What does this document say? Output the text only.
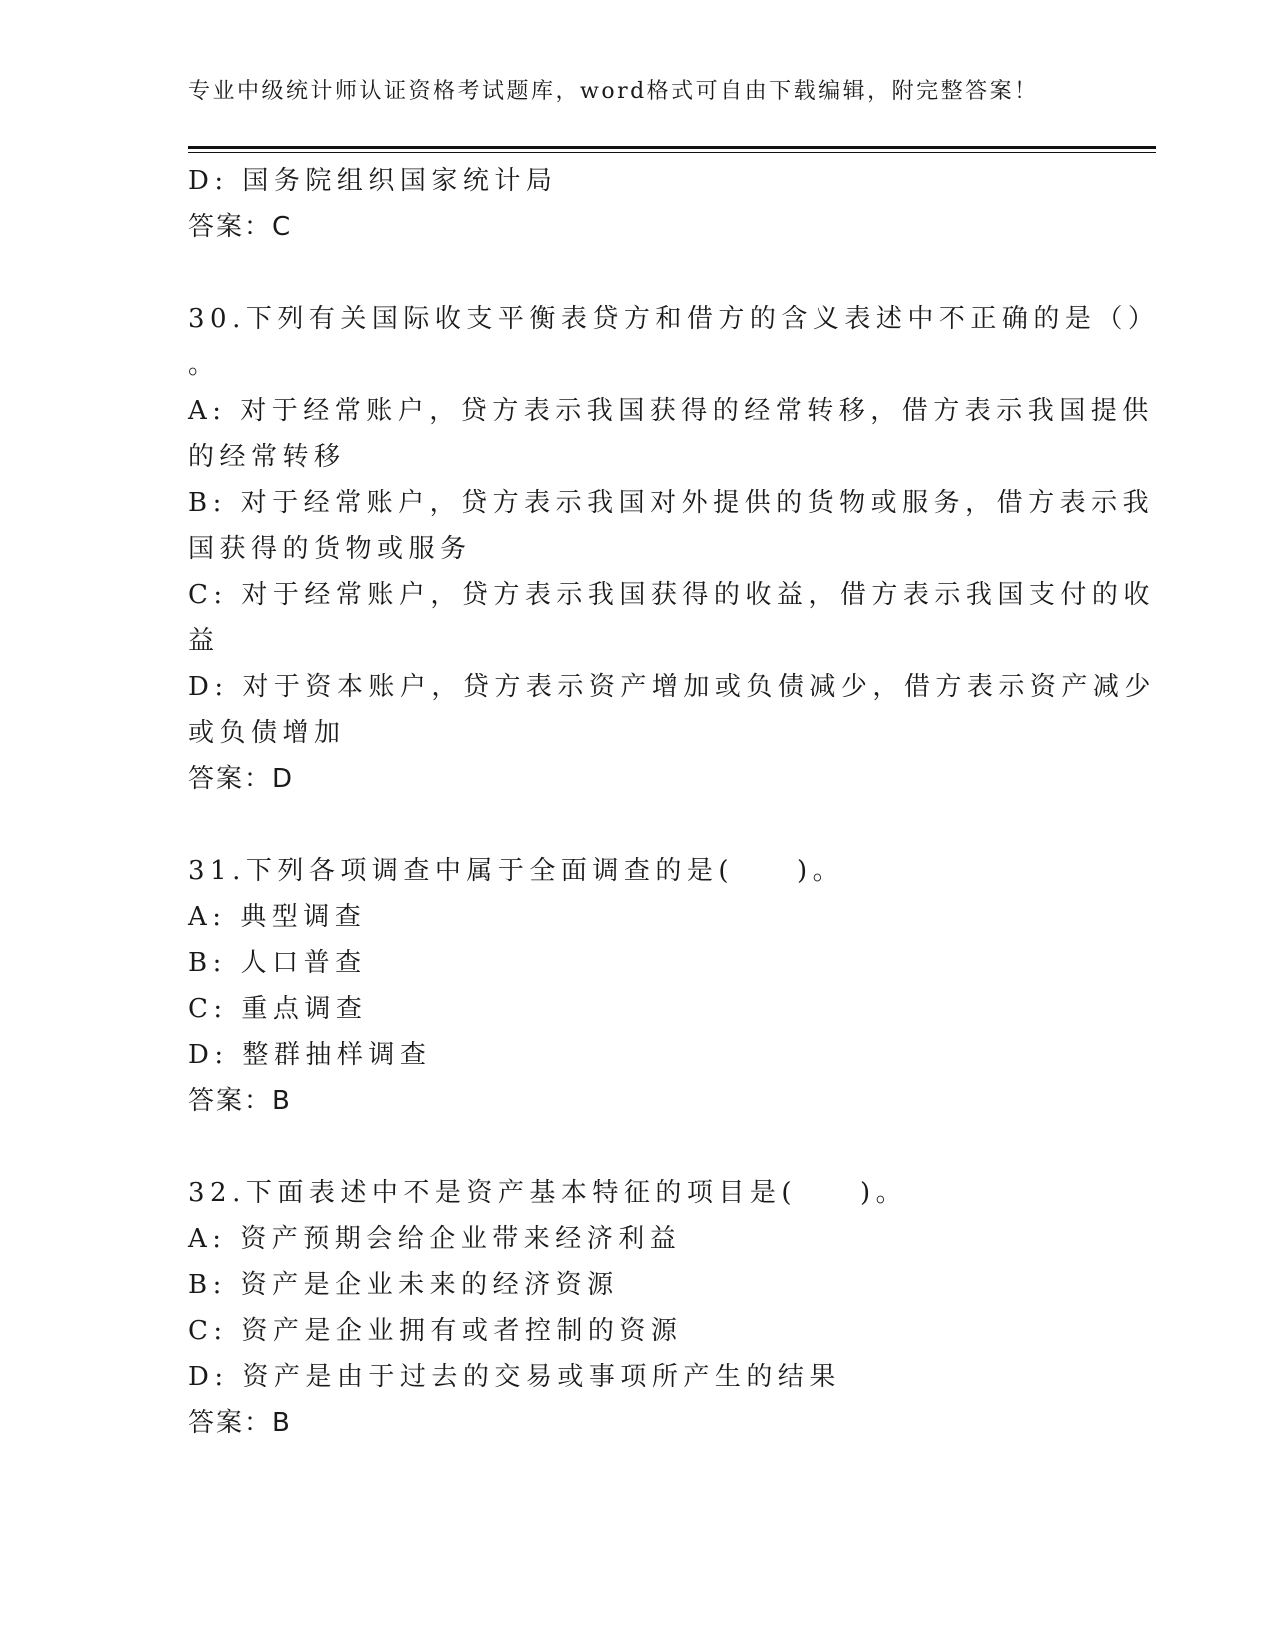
专业中级统计师认证资格考试题库，word格式可自由下载编辑，附完整答案！
D: 国务院组织国家统计局
答案：C
30.下列有关国际收支平衡表贷方和借方的含义表述中不正确的是（）
。
A: 对于经常账户，贷方表示我国获得的经常转移，借方表示我国提供
的经常转移
B: 对于经常账户，贷方表示我国对外提供的货物或服务，借方表示我
国获得的货物或服务
C: 对于经常账户，贷方表示我国获得的收益，借方表示我国支付的收
益
D: 对于资本账户，贷方表示资产增加或负债减少，借方表示资产减少
或负债增加
答案：D
31.下列各项调查中属于全面调查的是(　　)。
A: 典型调查
B: 人口普查
C: 重点调查
D: 整群抽样调查
答案：B
32.下面表述中不是资产基本特征的项目是(　　)。
A: 资产预期会给企业带来经济利益
B: 资产是企业未来的经济资源
C: 资产是企业拥有或者控制的资源
D: 资产是由于过去的交易或事项所产生的结果
答案：B
